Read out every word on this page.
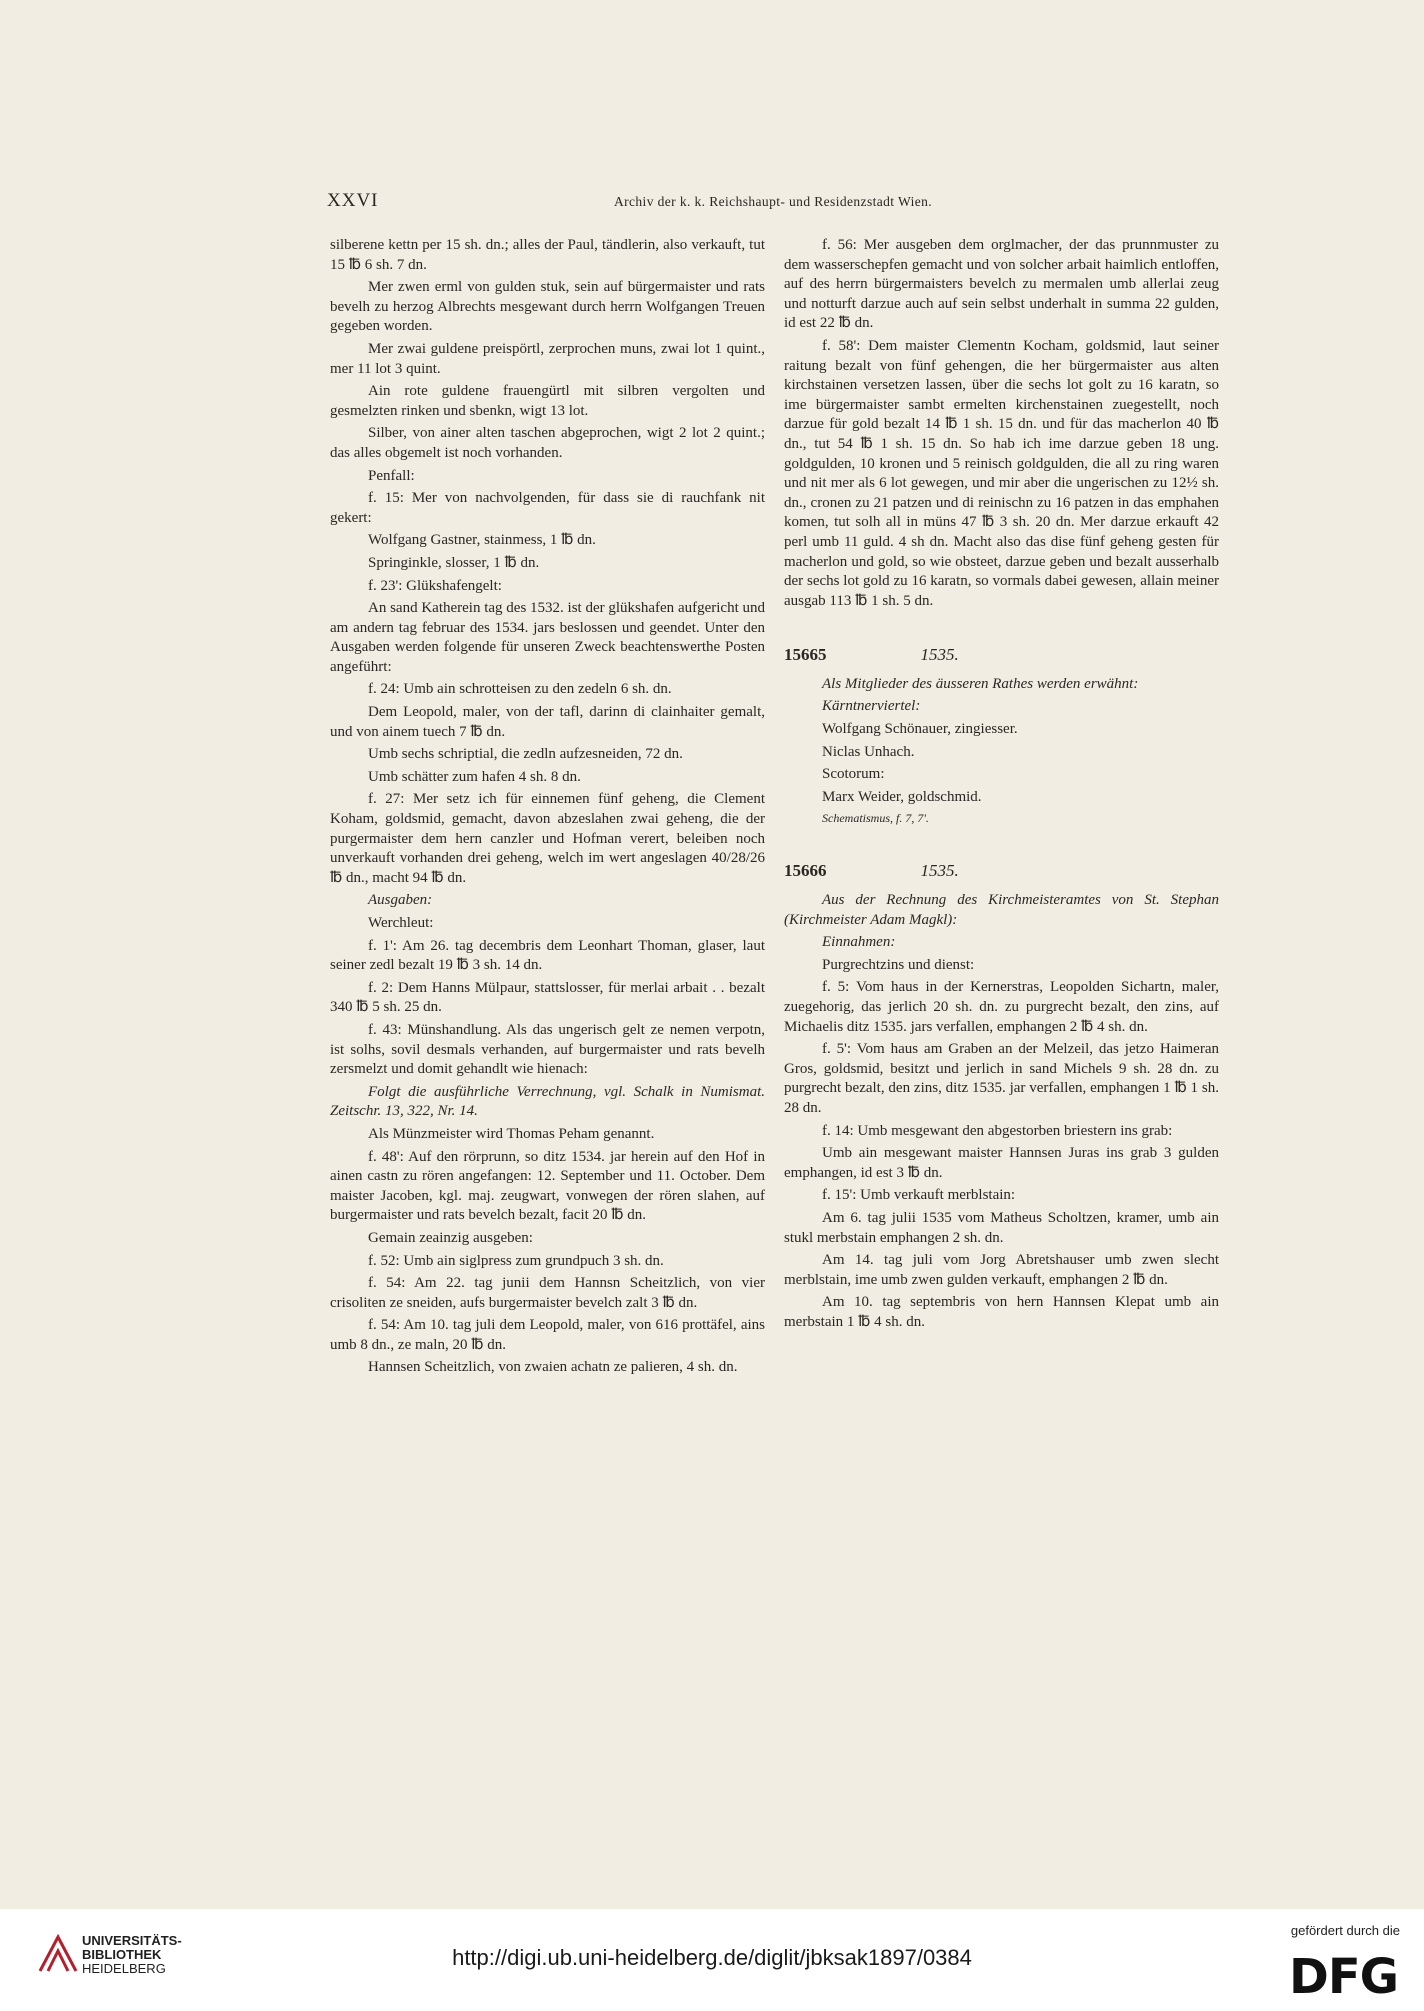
XXVI	Archiv der k. k. Reichshaupt- und Residenzstadt Wien.

silberene kettn per 15 sh. dn.; alles der Paul, tändlerin, also verkauft, tut 15 ℔ 6 sh. 7 dn.

Mer zwen erml von gulden stuk, sein auf bürgermaister und rats bevelh zu herzog Albrechts mesgewant durch herrn Wolfgangen Treuen gegeben worden.

Mer zwai guldene preispörtl, zerprochen muns, zwai lot 1 quint., mer 11 lot 3 quint.

Ain rote guldene frauengürtl mit silbren vergolten und gesmelzten rinken und sbenkn, wigt 13 lot.

Silber, von ainer alten taschen abgeprochen, wigt 2 lot 2 quint.; das alles obgemelt ist noch vorhanden.

Penfall:

f. 15: Mer von nachvolgenden, für dass sie di rauchfank nit gekert:

Wolfgang Gastner, stainmess, 1 ℔ dn.

Springinkle, slosser, 1 ℔ dn.

f. 23': Glükshafengelt:

An sand Katherein tag des 1532. ist der glükshafen aufgericht und am andern tag februar des 1534. jars beslossen und geendet. Unter den Ausgaben werden folgende für unseren Zweck beachtenswerthe Posten angeführt:

f. 24: Umb ain schrotteisen zu den zedeln 6 sh. dn.

Dem Leopold, maler, von der tafl, darinn di clainhaiter gemalt, und von ainem tuech 7 ℔ dn.

Umb sechs schriptial, die zedln aufzesneiden, 72 dn.

Umb schätter zum hafen 4 sh. 8 dn.

f. 27: Mer setz ich für einnemen fünf geheng, die Clement Koham, goldsmid, gemacht, davon abzeslahen zwai geheng, die der purgermaister dem hern canzler und Hofman verert, beleiben noch unverkauft vorhanden drei geheng, welch im wert angeslagen 40/28/26 ℔ dn., macht 94 ℔ dn.

Ausgaben:

Werchleut:

f. 1': Am 26. tag decembris dem Leonhart Thoman, glaser, laut seiner zedl bezalt 19 ℔ 3 sh. 14 dn.

f. 2: Dem Hanns Mülpaur, stattslosser, für merlai arbait . . bezalt 340 ℔ 5 sh. 25 dn.

f. 43: Münshandlung. Als das ungerisch gelt ze nemen verpotn, ist solhs, sovil desmals verhanden, auf burgermaister und rats bevelh zersmelzt und domit gehandlt wie hienach:

Folgt die ausführliche Verrechnung, vgl. Schalk in Numismat. Zeitschr. 13, 322, Nr. 14.

Als Münzmeister wird Thomas Peham genannt.

f. 48': Auf den rörprunn, so ditz 1534. jar herein auf den Hof in ainen castn zu rören angefangen: 12. September und 11. October. Dem maister Jacoben, kgl. maj. zeugwart, vonwegen der rören slahen, auf burgermaister und rats bevelch bezalt, facit 20 ℔ dn.

Gemain zeainzig ausgeben:

f. 52: Umb ain siglpress zum grundpuch 3 sh. dn.

f. 54: Am 22. tag junii dem Hannsn Scheitzlich, von vier crisoliten ze sneiden, aufs burgermaister bevelch zalt 3 ℔ dn.

f. 54: Am 10. tag juli dem Leopold, maler, von 616 prottäfel, ains umb 8 dn., ze maln, 20 ℔ dn.

Hannsen Scheitzlich, von zwaien achatn ze palieren, 4 sh. dn.

f. 56: Mer ausgeben dem orglmacher, der das prunnmuster zu dem wasserschepfen gemacht und von solcher arbait haimlich entloffen, auf des herrn bürgermaisters bevelch zu mermalen umb allerlai zeug und notturft darzue auch auf sein selbst underhalt in summa 22 gulden, id est 22 ℔ dn.

f. 58': Dem maister Clementn Kocham, goldsmid, laut seiner raitung bezalt von fünf gehengen, die her bürgermaister aus alten kirchstainen versetzen lassen, über die sechs lot golt zu 16 karatn, so ime bürgermaister sambt ermelten kirchenstainen zuegestellt, noch darzue für gold bezalt 14 ℔ 1 sh. 15 dn. und für das macherlon 40 ℔ dn., tut 54 ℔ 1 sh. 15 dn. So hab ich ime darzue geben 18 ung. goldgulden, 10 kronen und 5 reinisch goldgulden, die all zu ring waren und nit mer als 6 lot gewegen, und mir aber die ungerischen zu 12½ sh. dn., cronen zu 21 patzen und di reinischn zu 16 patzen in das emphahen komen, tut solh all in müns 47 ℔ 3 sh. 20 dn. Mer darzue erkauft 42 perl umb 11 guld. 4 sh dn. Macht also das dise fünf geheng gesten für macherlon und gold, so wie obsteet, darzue geben und bezalt ausserhalb der sechs lot gold zu 16 karatn, so vormals dabei gewesen, allain meiner ausgab 113 ℔ 1 sh. 5 dn.

15665	1535.

Als Mitglieder des äusseren Rathes werden erwähnt:

Kärntnerviertel:

Wolfgang Schönauer, zingiesser.

Niclas Unhach.

Scotorum:

Marx Weider, goldschmid.

Schematismus, f. 7, 7'.

15666	1535.

Aus der Rechnung des Kirchmeisteramtes von St. Stephan (Kirchmeister Adam Magkl):

Einnahmen:

Purgrechtzins und dienst:

f. 5: Vom haus in der Kernerstras, Leopolden Sichartn, maler, zuegehorig, das jerlich 20 sh. dn. zu purgrecht bezalt, den zins, auf Michaelis ditz 1535. jars verfallen, emphangen 2 ℔ 4 sh. dn.

f. 5': Vom haus am Graben an der Melzeil, das jetzo Haimeran Gros, goldsmid, besitzt und jerlich in sand Michels 9 sh. 28 dn. zu purgrecht bezalt, den zins, ditz 1535. jar verfallen, emphangen 1 ℔ 1 sh. 28 dn.

f. 14: Umb mesgewant den abgestorben briestern ins grab:

Umb ain mesgewant maister Hannsen Juras ins grab 3 gulden emphangen, id est 3 ℔ dn.

f. 15': Umb verkauft merblstain:

Am 6. tag julii 1535 vom Matheus Scholtzen, kramer, umb ain stukl merbstain emphangen 2 sh. dn.

Am 14. tag juli vom Jorg Abretshauser umb zwen slecht merblstain, ime umb zwen gulden verkauft, emphangen 2 ℔ dn.

Am 10. tag septembris von hern Hannsen Klepat umb ain merbstain 1 ℔ 4 sh. dn.

UNIVERSITÄTS-
BIBLIOTHEK
HEIDELBERG	http://digi.ub.uni-heidelberg.de/diglit/jbksak1897/0384
gefördert durch die
DFG
